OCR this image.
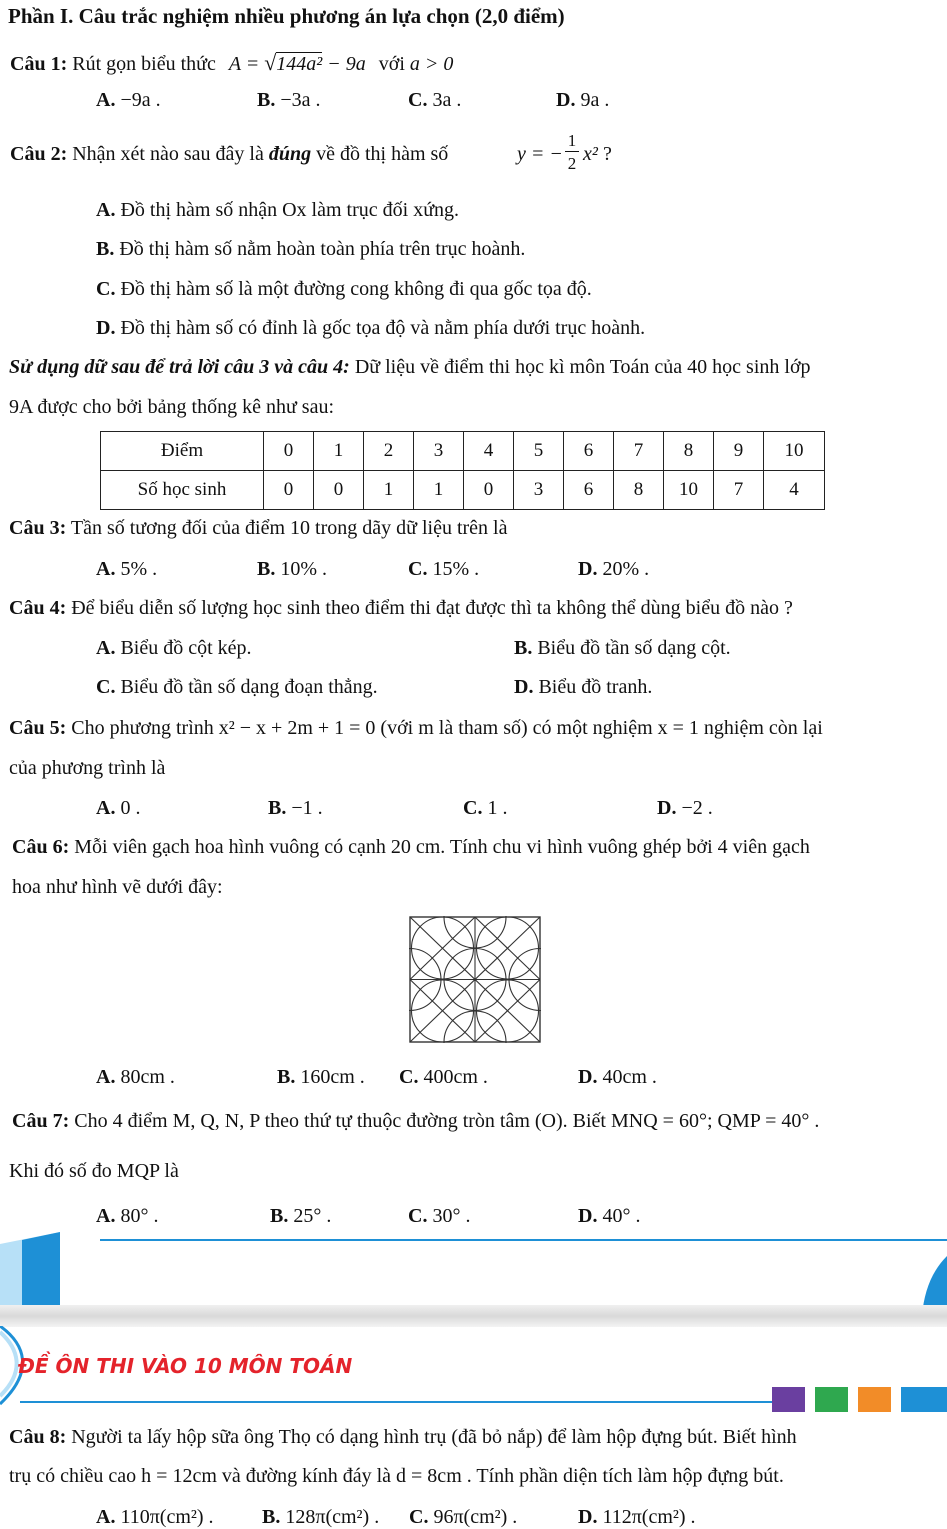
Phần I. Câu trắc nghiệm nhiều phương án lựa chọn (2,0 điểm)
Câu 1: Rút gọn biểu thức A = √144a² − 9a với a > 0
A. −9a .	B. −3a .	C. 3a .	D. 9a .
Câu 2: Nhận xét nào sau đây là đúng về đồ thị hàm số	y = −
1
2 x² ?
A. Đồ thị hàm số nhận Ox làm trục đối xứng.
B. Đồ thị hàm số nằm hoàn toàn phía trên trục hoành.
C. Đồ thị hàm số là một đường cong không đi qua gốc tọa độ.
D. Đồ thị hàm số có đỉnh là gốc tọa độ và nằm phía dưới trục hoành.
Sử dụng dữ sau để trả lời câu 3 và câu 4: Dữ liệu về điểm thi học kì môn Toán của 40 học sinh lớp
9A được cho bởi bảng thống kê như sau:
Điểm	0	1	2	3	4	5	6	7	8	9	10
Số học sinh	0	0	1	1	0	3	6	8	10	7	4
Câu 3: Tần số tương đối của điểm 10 trong dãy dữ liệu trên là
A. 5% .	B. 10% .	C. 15% .	D. 20% .
Câu 4: Để biểu diễn số lượng học sinh theo điểm thi đạt được thì ta không thể dùng biểu đồ nào ?
A. Biểu đồ cột kép.	B. Biểu đồ tần số dạng cột.
C. Biểu đồ tần số dạng đoạn thẳng.	D. Biểu đồ tranh.
Câu 5: Cho phương trình x² − x + 2m + 1 = 0 (với m là tham số) có một nghiệm x = 1 nghiệm còn lại
của phương trình là
A. 0 .	B. −1 .	C. 1 .	D. −2 .
Câu 6: Mỗi viên gạch hoa hình vuông có cạnh 20 cm. Tính chu vi hình vuông ghép bởi 4 viên gạch
hoa như hình vẽ dưới đây:
A. 80cm .	B. 160cm . C. 400cm .	D. 40cm .
Câu 7: Cho 4 điểm M, Q, N, P theo thứ tự thuộc đường tròn tâm (O). Biết MNQ = 60°; QMP = 40° .
Khi đó số đo MQP là
A. 80° .	B. 25° .	C. 30° .	D. 40° .
ĐỀ ÔN THI VÀO 10 MÔN TOÁN
Câu 8: Người ta lấy hộp sữa ông Thọ có dạng hình trụ (đã bỏ nắp) để làm hộp đựng bút. Biết hình
trụ có chiều cao h = 12cm và đường kính đáy là d = 8cm . Tính phần diện tích làm hộp đựng bút.
A. 110π(cm²) . B. 128π(cm²) . C. 96π(cm²) .	D. 112π(cm²) .
